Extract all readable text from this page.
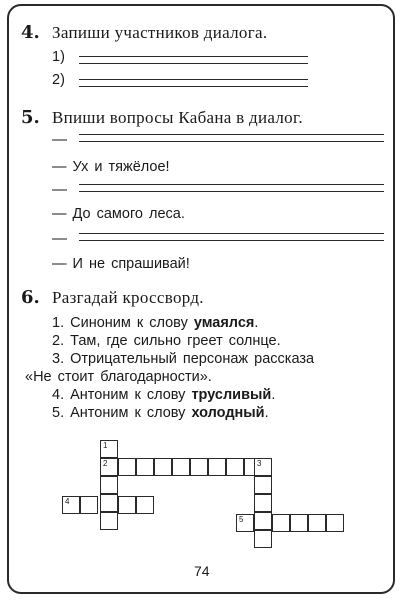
4. Запиши участников диалога.
1)
2)
5. Впиши вопросы Кабана в диалог.
—
— Ух и тяжёлое!
—
— До самого леса.
—
— И не спрашивай!
6. Разгадай кроссворд.
1. Синоним к слову умаялся.
2. Там, где сильно греет солнце.
3. Отрицательный персонаж рассказа
«Не стоит благодарности».
4. Антоним к слову трусливый.
5. Антоним к слову холодный.
1
2	3
4
5
74
